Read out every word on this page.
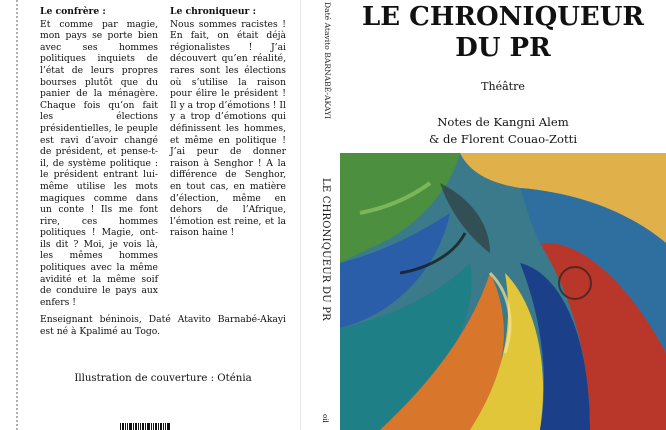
Le confrère :

Et comme par magie, mon pays se porte bien avec ses hommes politiques inquiets de l’état de leurs propres bourses plutôt que du panier de la ménagère. Chaque fois qu’on fait les élections présidentielles, le peuple est ravi d’avoir changé de président, et pense-t-il, de système politique : le président entrant lui-même utilise les mots magiques comme dans un conte ! Ils me font rire, ces hommes politiques ! Magie, ont-ils dit ? Moi, je vois là, les mêmes hommes politiques avec la même avidité et la même soif de conduire le pays aux enfers !

Le chroniqueur :

Nous sommes racistes ! En fait, on était déjà régionalistes ! J’ai découvert qu’en réalité, rares sont les élections où s’utilise la raison pour élire le président ! Il y a trop d’émotions ! Il y a trop d’émotions qui définissent les hommes, et même en politique ! J’ai peur de donner raison à Senghor ! A la différence de Senghor, en tout cas, en matière d’élection, même en dehors de l’Afrique, l’émotion est reine, et la raison haine !

Enseignant béninois, Daté Atavito Barnabé-Akayi est né à Kpalimé au Togo.

Illustration de couverture : Oténia
Daté Atavito BARNABÉ-AKAYI
LE CHRONIQUEUR DU PR
oil
LE CHRONIQUEUR
DU PR
Théâtre
Notes de Kangni Alem
& de Florent Couao-Zotti
